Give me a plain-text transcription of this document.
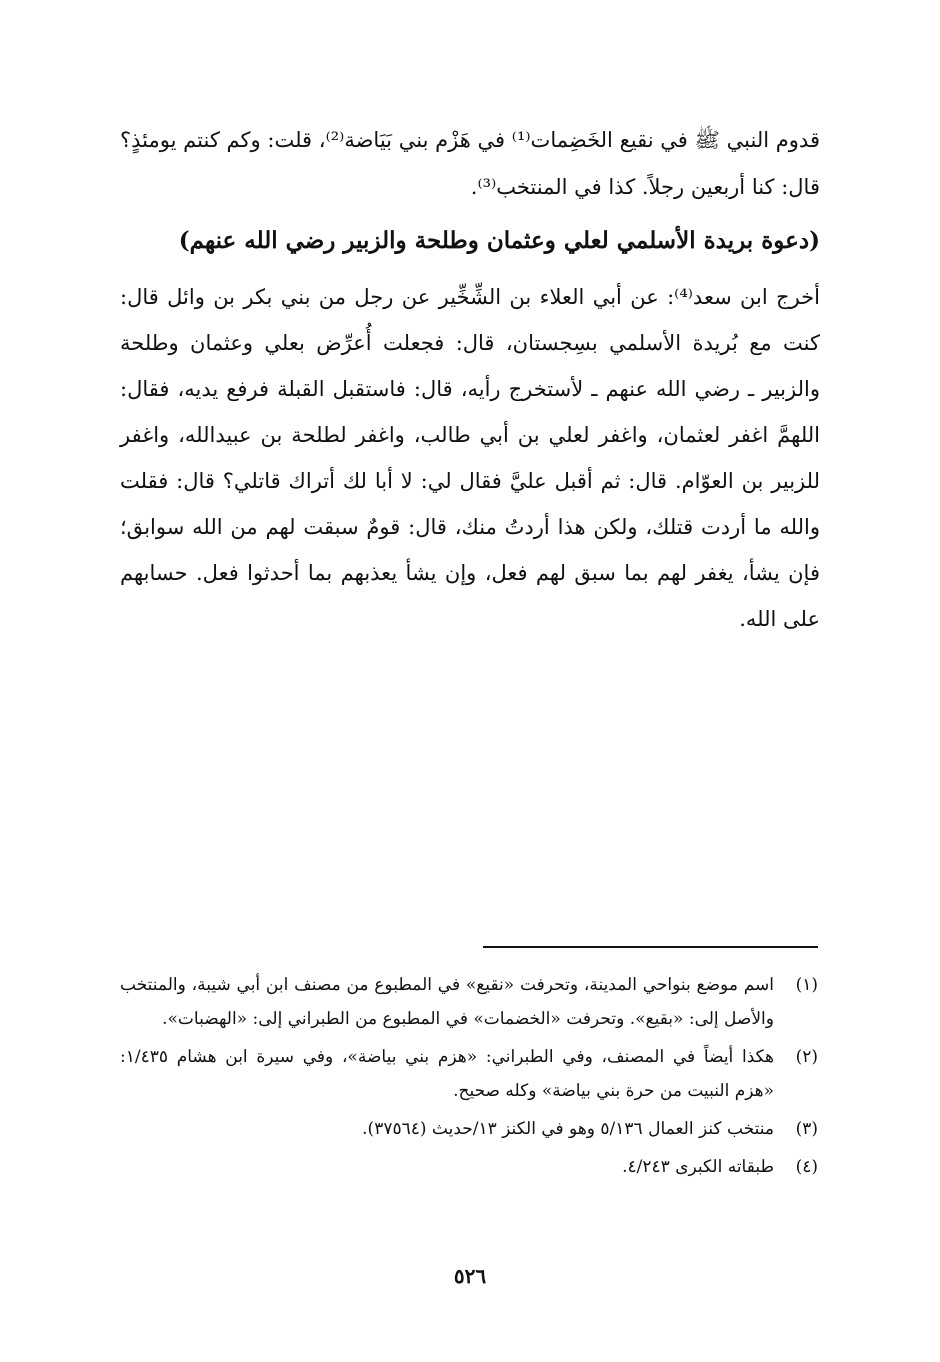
قدوم النبي ﷺ في نقيع الخَضِمات⁽¹⁾ في هَزْم بني بَيَاضة⁽²⁾، قلت: وكم كنتم يومئذٍ؟ قال: كنا أربعين رجلاً. كذا في المنتخب⁽³⁾.

(دعوة بريدة الأسلمي لعلي وعثمان وطلحة والزبير رضي الله عنهم)

أخرج ابن سعد⁽⁴⁾: عن أبي العلاء بن الشِّخِّير عن رجل من بني بكر بن وائل قال: كنت مع بُريدة الأسلمي بسِجستان، قال: فجعلت أُعرِّض بعلي وعثمان وطلحة والزبير ـ رضي الله عنهم ـ لأستخرج رأيه، قال: فاستقبل القبلة فرفع يديه، فقال: اللهمَّ اغفر لعثمان، واغفر لعلي بن أبي طالب، واغفر لطلحة بن عبيدالله، واغفر للزبير بن العوّام. قال: ثم أقبل عليَّ فقال لي: لا أبا لك أتراك قاتلي؟ قال: فقلت والله ما أردت قتلك، ولكن هذا أردتُ منك، قال: قومٌ سبقت لهم من الله سوابق؛ فإن يشأ، يغفر لهم بما سبق لهم فعل، وإن يشأ يعذبهم بما أحدثوا فعل. حسابهم على الله.

(١)
اسم موضع بنواحي المدينة، وتحرفت «نقيع» في المطبوع من مصنف ابن أبي شيبة، والمنتخب والأصل إلى: «بقيع». وتحرفت «الخضمات» في المطبوع من الطبراني إلى: «الهضبات».
(٢)
هكذا أيضاً في المصنف، وفي الطبراني: «هزم بني بياضة»، وفي سيرة ابن هشام ١/٤٣٥: «هزم النبيت من حرة بني بياضة» وكله صحيح.
(٣)
منتخب كنز العمال ٥/١٣٦ وهو في الكنز ١٣/حديث (٣٧٥٦٤).
(٤)
طبقاته الكبرى ٤/٢٤٣.
٥٢٦
